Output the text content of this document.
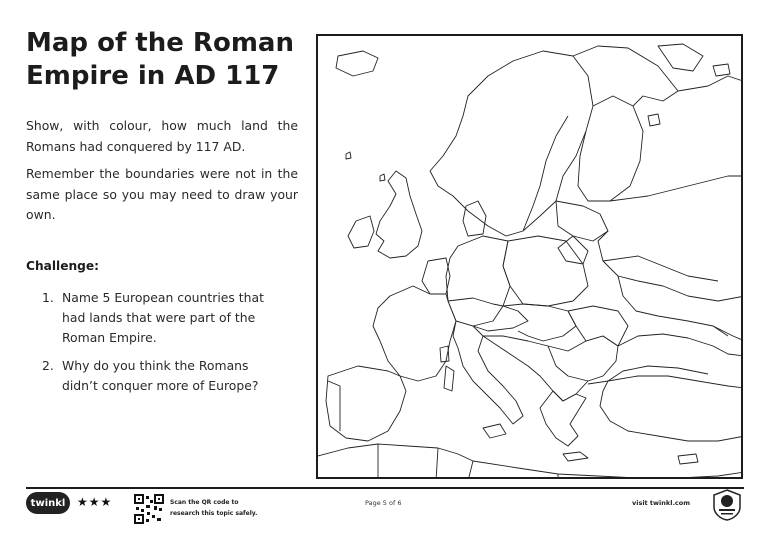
Map of the Roman Empire in AD 117

Show, with colour, how much land the Romans had conquered by 117 AD.

Remember the boundaries were not in the same place so you may need to draw your own.

Challenge:

1. Name 5 European countries that had lands that were part of the Roman Empire.
2. Why do you think the Romans didn’t conquer more of Europe?
twinkl ★★★	Scan the QR code to
research this topic safely.
Page 5 of 6	visit twinkl.com
